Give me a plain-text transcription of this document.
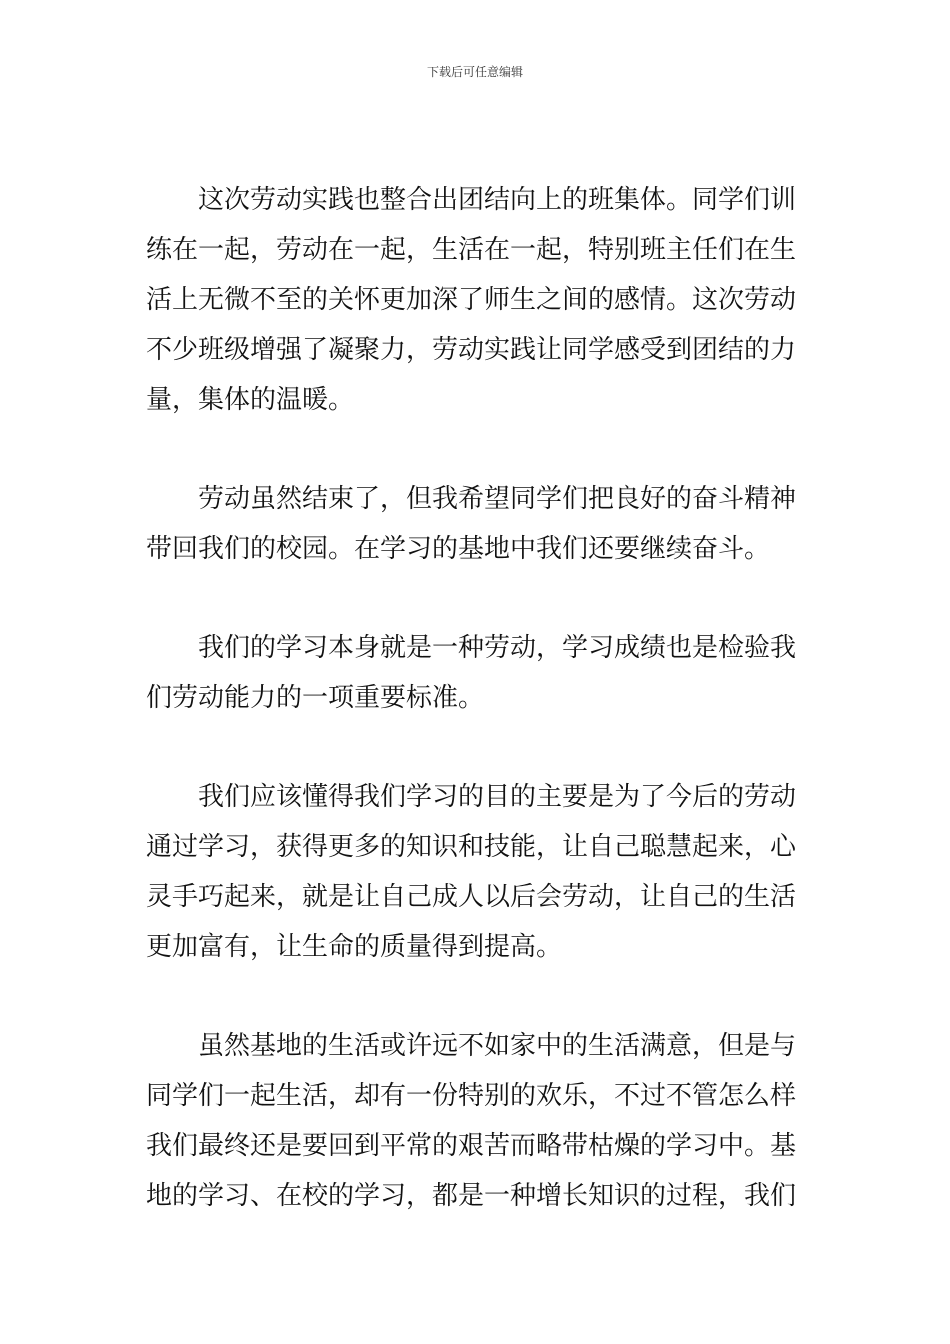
下载后可任意编辑
这次劳动实践也整合出团结向上的班集体。同学们训
练在一起，劳动在一起，生活在一起，特别班主任们在生
活上无微不至的关怀更加深了师生之间的感情。这次劳动
不少班级增强了凝聚力，劳动实践让同学感受到团结的力
量，集体的温暖。
劳动虽然结束了，但我希望同学们把良好的奋斗精神
带回我们的校园。在学习的基地中我们还要继续奋斗。
我们的学习本身就是一种劳动，学习成绩也是检验我
们劳动能力的一项重要标准。
我们应该懂得我们学习的目的主要是为了今后的劳动
通过学习，获得更多的知识和技能，让自己聪慧起来，心
灵手巧起来，就是让自己成人以后会劳动，让自己的生活
更加富有，让生命的质量得到提高。
虽然基地的生活或许远不如家中的生活满意，但是与
同学们一起生活，却有一份特别的欢乐，不过不管怎么样
我们最终还是要回到平常的艰苦而略带枯燥的学习中。基
地的学习、在校的学习，都是一种增长知识的过程，我们
